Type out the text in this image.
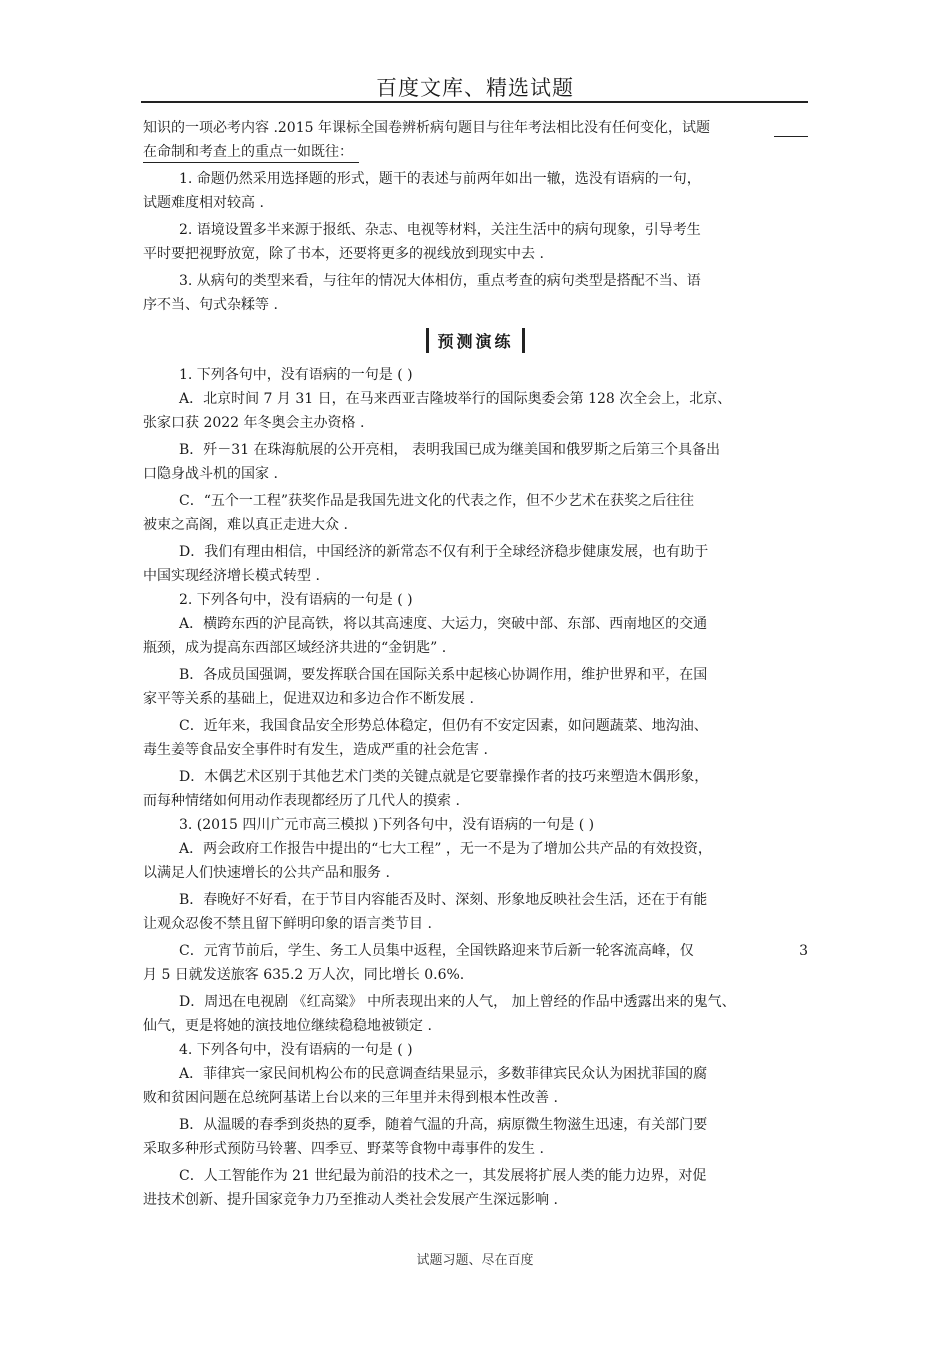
百度文库、精选试题
知识的一项必考内容 .2015 年课标全国卷辨析病句题目与往年考法相比没有任何变化，试题
在命制和考查上的重点一如既往：
1. 命题仍然采用选择题的形式，题干的表述与前两年如出一辙，选没有语病的一句，
试题难度相对较高 .
2. 语境设置多半来源于报纸、杂志、电视等材料，关注生活中的病句现象，引导考生
平时要把视野放宽，除了书本，还要将更多的视线放到现实中去 .
3. 从病句的类型来看，与往年的情况大体相仿，重点考查的病句类型是搭配不当、语
序不当、句式杂糅等 .
预测演练
1. 下列各句中，没有语病的一句是 ( )
A．北京时间 7 月 31 日，在马来西亚吉隆坡举行的国际奥委会第 128 次全会上，北京、
张家口获 2022 年冬奥会主办资格 .
B．歼－31 在珠海航展的公开亮相， 表明我国已成为继美国和俄罗斯之后第三个具备出
口隐身战斗机的国家 .
C．“五个一工程”获奖作品是我国先进文化的代表之作，但不少艺术在获奖之后往往
被束之高阁，难以真正走进大众 .
D．我们有理由相信，中国经济的新常态不仅有利于全球经济稳步健康发展，也有助于
中国实现经济增长模式转型 .
2. 下列各句中，没有语病的一句是 ( )
A．横跨东西的沪昆高铁，将以其高速度、大运力，突破中部、东部、西南地区的交通
瓶颈，成为提高东西部区域经济共进的“金钥匙” .
B．各成员国强调，要发挥联合国在国际关系中起核心协调作用，维护世界和平，在国
家平等关系的基础上，促进双边和多边合作不断发展 .
C．近年来，我国食品安全形势总体稳定，但仍有不安定因素，如问题蔬菜、地沟油、
毒生姜等食品安全事件时有发生，造成严重的社会危害 .
D．木偶艺术区别于其他艺术门类的关键点就是它要靠操作者的技巧来塑造木偶形象，
而每种情绪如何用动作表现都经历了几代人的摸索 .
3. (2015 四川广元市高三模拟 )下列各句中，没有语病的一句是 ( )
A．两会政府工作报告中提出的“七大工程” ，无一不是为了增加公共产品的有效投资，
以满足人们快速增长的公共产品和服务 .
B．春晚好不好看，在于节目内容能否及时、深刻、形象地反映社会生活，还在于有能
让观众忍俊不禁且留下鲜明印象的语言类节目 .
C．元宵节前后，学生、务工人员集中返程，全国铁路迎来节后新一轮客流高峰，仅	3
月 5 日就发送旅客 635.2 万人次，同比增长 0.6%.
D．周迅在电视剧 《红高粱》 中所表现出来的人气， 加上曾经的作品中透露出来的鬼气、
仙气，更是将她的演技地位继续稳稳地被锁定 .
4. 下列各句中，没有语病的一句是 ( )
A．菲律宾一家民间机构公布的民意调查结果显示，多数菲律宾民众认为困扰菲国的腐
败和贫困问题在总统阿基诺上台以来的三年里并未得到根本性改善 .
B．从温暖的春季到炎热的夏季，随着气温的升高，病原微生物滋生迅速，有关部门要
采取多种形式预防马铃薯、四季豆、野菜等食物中毒事件的发生 .
C．人工智能作为 21 世纪最为前沿的技术之一，其发展将扩展人类的能力边界，对促
进技术创新、提升国家竞争力乃至推动人类社会发展产生深远影响 .
试题习题、尽在百度
